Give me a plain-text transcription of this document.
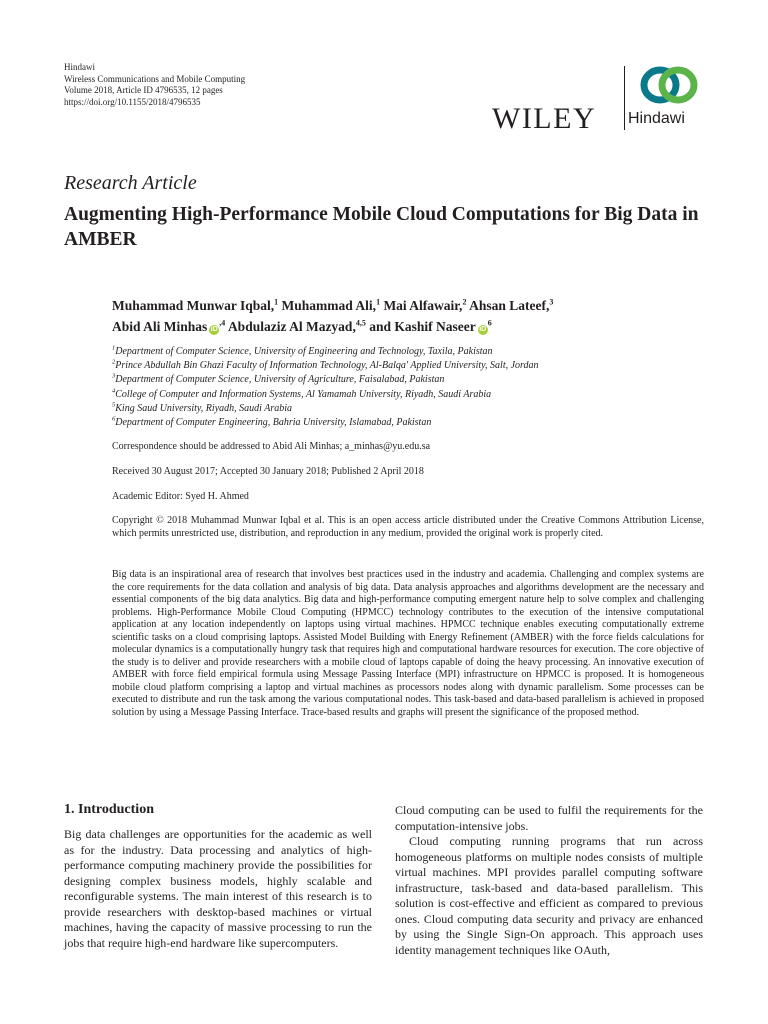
Hindawi
Wireless Communications and Mobile Computing
Volume 2018, Article ID 4796535, 12 pages
https://doi.org/10.1155/2018/4796535
WILEY Hindawi
Research Article
Augmenting High-Performance Mobile Cloud Computations for Big Data in AMBER
Muhammad Munwar Iqbal,$^1$ Muhammad Ali,$^1$ Mai Alfawair,$^2$ Ahsan Lateef,$^3$
Abid Ali Minhas $iD^{,4}$ Abdulaziz Al Mazyad,$^{4,5}$ and Kashif Naseer $iD^6$
$^1$Department of Computer Science, University of Engineering and Technology, Taxila, Pakistan
$^2$Prince Abdullah Bin Ghazi Faculty of Information Technology, Al-Balqa' Applied University, Salt, Jordan
$^3$Department of Computer Science, University of Agriculture, Faisalabad, Pakistan
$^4$College of Computer and Information Systems, Al Yamamah University, Riyadh, Saudi Arabia
$^5$King Saud University, Riyadh, Saudi Arabia
$^6$Department of Computer Engineering, Bahria University, Islamabad, Pakistan
Correspondence should be addressed to Abid Ali Minhas; a_minhas@yu.edu.sa
Received 30 August 2017; Accepted 30 January 2018; Published 2 April 2018
Academic Editor: Syed H. Ahmed
Copyright © 2018 Muhammad Munwar Iqbal et al. This is an open access article distributed under the Creative Commons Attribution License, which permits unrestricted use, distribution, and reproduction in any medium, provided the original work is properly cited.
Big data is an inspirational area of research that involves best practices used in the industry and academia. Challenging and complex systems are the core requirements for the data collation and analysis of big data. Data analysis approaches and algorithms development are the necessary and essential components of the big data analytics. Big data and high-performance computing emergent nature help to solve complex and challenging problems. High-Performance Mobile Cloud Computing (HPMCC) technology contributes to the execution of the intensive computational application at any location independently on laptops using virtual machines. HPMCC technique enables executing computationally extreme scientific tasks on a cloud comprising laptops. Assisted Model Building with Energy Refinement (AMBER) with the force fields calculations for molecular dynamics is a computationally hungry task that requires high and computational hardware resources for execution. The core objective of the study is to deliver and provide researchers with a mobile cloud of laptops capable of doing the heavy processing. An innovative execution of AMBER with force field empirical formula using Message Passing Interface (MPI) infrastructure on HPMCC is proposed. It is homogeneous mobile cloud platform comprising a laptop and virtual machines as processors nodes along with dynamic parallelism. Some processes can be executed to distribute and run the task among the various computational nodes. This task-based and data-based parallelism is achieved in proposed solution by using a Message Passing Interface. Trace-based results and graphs will present the significance of the proposed method.
1. Introduction
Big data challenges are opportunities for the academic as well as for the industry. Data processing and analytics of high-performance computing machinery provide the possibilities for designing complex business models, highly scalable and reconfigurable systems. The main interest of this research is to provide researchers with desktop-based machines or virtual machines, having the capacity of massive processing to run the jobs that require high-end hardware like supercomputers.

Cloud computing can be used to fulfil the requirements for the computation-intensive jobs.

Cloud computing running programs that run across homogeneous platforms on multiple nodes consists of multiple virtual machines. MPI provides parallel computing software infrastructure, task-based and data-based parallelism. This solution is cost-effective and efficient as compared to previous ones. Cloud computing data security and privacy are enhanced by using the Single Sign-On approach. This approach uses identity management techniques like OAuth,
